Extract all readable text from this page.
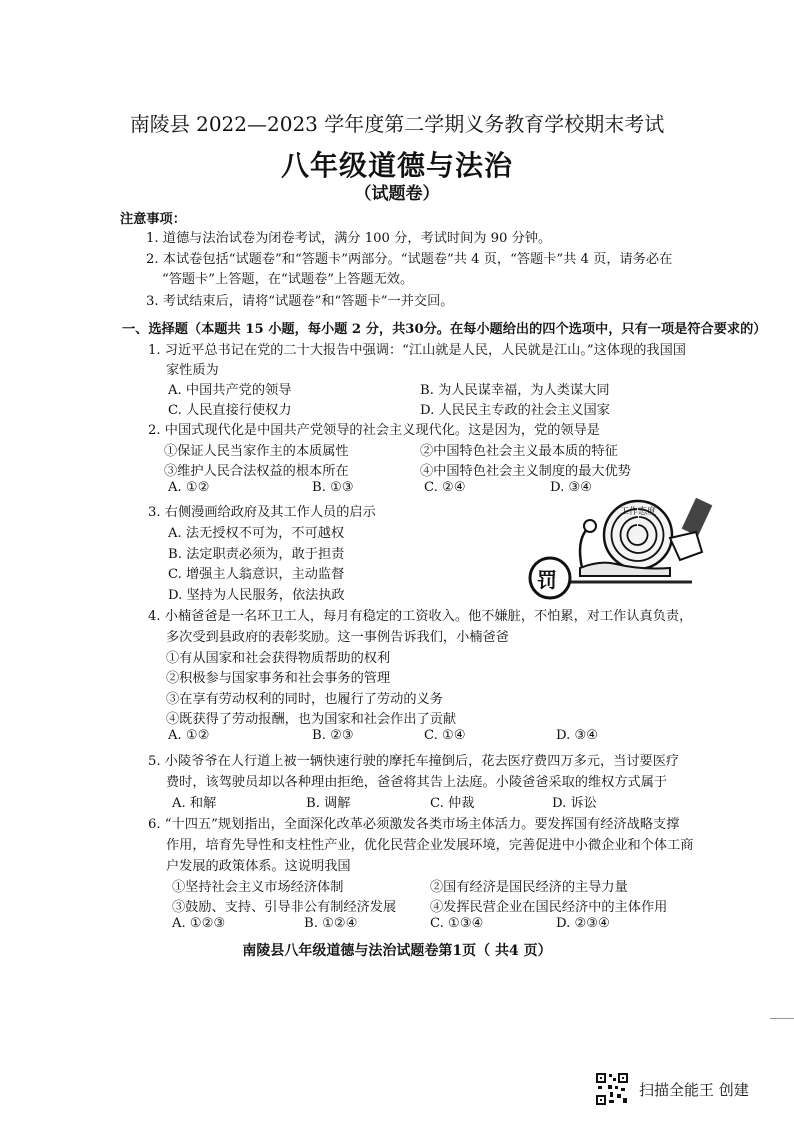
南陵县 2022—2023 学年度第二学期义务教育学校期末考试
八年级道德与法治
（试题卷）
注意事项：
1. 道德与法治试卷为闭卷考试，满分 100 分，考试时间为 90 分钟。
2. 本试卷包括“试题卷”和“答题卡”两部分。“试题卷”共 4 页，“答题卡”共 4 页，请务必在
“答题卡”上答题，在“试题卷”上答题无效。
3. 考试结束后，请将“试题卷”和“答题卡”一并交回。
一、选择题（本题共 15 小题，每小题 2 分，共30分。在每小题给出的四个选项中，只有一项是符合要求的）
1. 习近平总书记在党的二十大报告中强调：“江山就是人民，人民就是江山。”这体现的我国国
家性质为
A. 中国共产党的领导	B. 为人民谋幸福，为人类谋大同
C. 人民直接行使权力	D. 人民民主专政的社会主义国家
2. 中国式现代化是中国共产党领导的社会主义现代化。这是因为，党的领导是
①保证人民当家作主的本质属性	②中国特色社会主义最本质的特征
③维护人民合法权益的根本所在	④中国特色社会主义制度的最大优势
A. ①②	B. ①③	C. ②④	D. ③④
3. 右侧漫画给政府及其工作人员的启示
A. 法无授权不可为，不可越权
B. 法定职责必须为，敢于担责
C. 增强主人翁意识，主动监督
D. 坚持为人民服务，依法执政
工作态度
罚
4. 小楠爸爸是一名环卫工人，每月有稳定的工资收入。他不嫌脏，不怕累，对工作认真负责，
多次受到县政府的表彰奖励。这一事例告诉我们，小楠爸爸
①有从国家和社会获得物质帮助的权利
②积极参与国家事务和社会事务的管理
③在享有劳动权利的同时，也履行了劳动的义务
④既获得了劳动报酬，也为国家和社会作出了贡献
A. ①②	B. ②③	C. ①④	D. ③④
5. 小陵爷爷在人行道上被一辆快速行驶的摩托车撞倒后，花去医疗费四万多元，当讨要医疗
费时，该驾驶员却以各种理由拒绝，爸爸将其告上法庭。小陵爸爸采取的维权方式属于
A. 和解	B. 调解	C. 仲裁	D. 诉讼
6. “十四五”规划指出，全面深化改革必须激发各类市场主体活力。要发挥国有经济战略支撑
作用，培育先导性和支柱性产业，优化民营企业发展环境，完善促进中小微企业和个体工商
户发展的政策体系。这说明我国
①坚持社会主义市场经济体制	②国有经济是国民经济的主导力量
③鼓励、支持、引导非公有制经济发展	④发挥民营企业在国民经济中的主体作用
A. ①②③	B. ①②④	C. ①③④	D. ②③④
南陵县八年级道德与法治试题卷第1页（ 共4 页）
扫描全能王 创建
